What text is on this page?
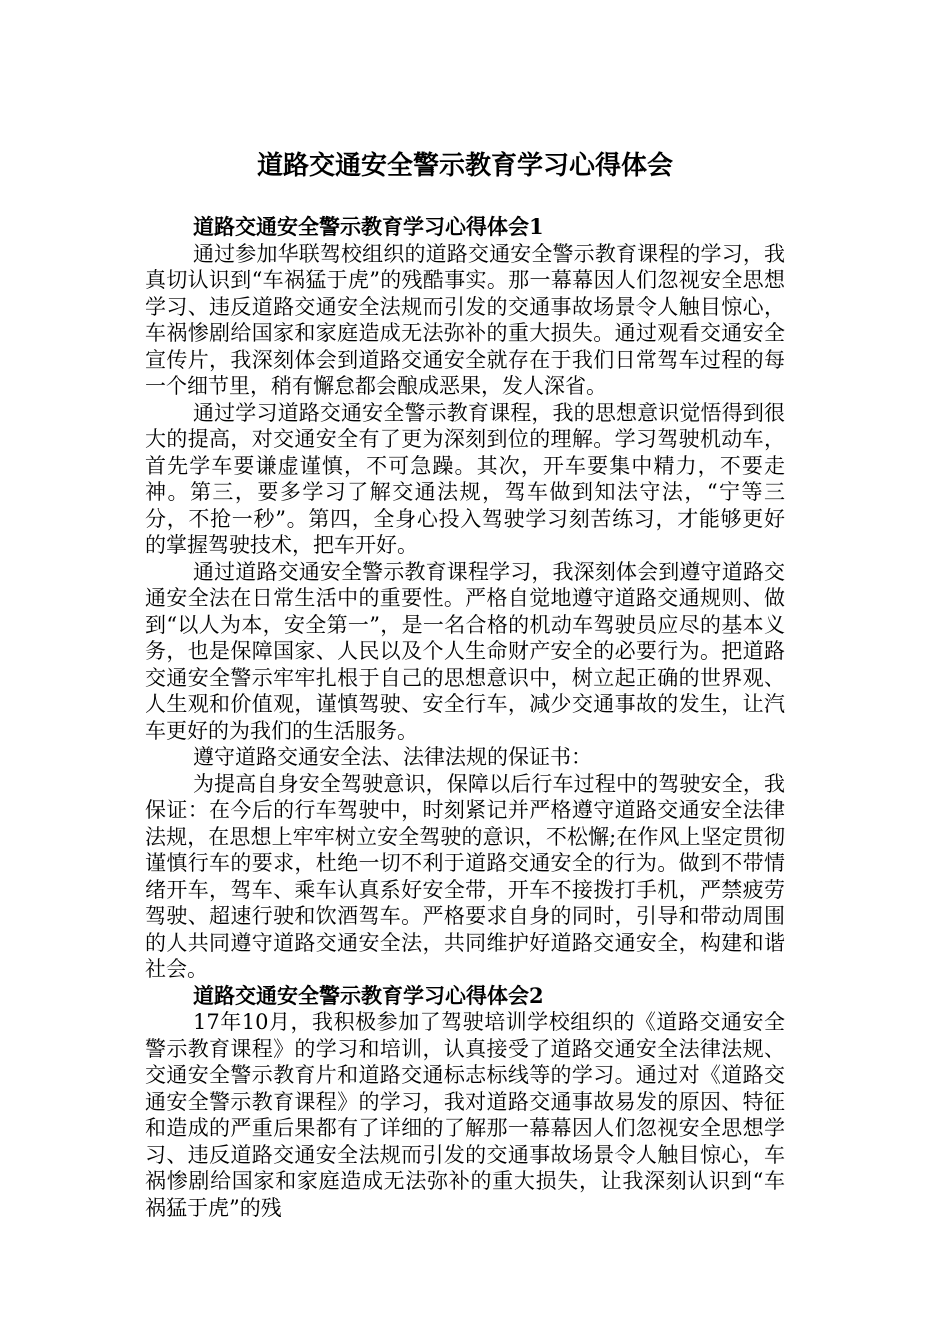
道路交通安全警示教育学习心得体会

道路交通安全警示教育学习心得体会1

通过参加华联驾校组织的道路交通安全警示教育课程的学习，我真切认识到“车祸猛于虎”的残酷事实。那一幕幕因人们忽视安全思想学习、违反道路交通安全法规而引发的交通事故场景令人触目惊心，车祸惨剧给国家和家庭造成无法弥补的重大损失。通过观看交通安全宣传片，我深刻体会到道路交通安全就存在于我们日常驾车过程的每一个细节里，稍有懈怠都会酿成恶果，发人深省。

通过学习道路交通安全警示教育课程，我的思想意识觉悟得到很大的提高，对交通安全有了更为深刻到位的理解。学习驾驶机动车，首先学车要谦虚谨慎，不可急躁。其次，开车要集中精力，不要走神。第三，要多学习了解交通法规，驾车做到知法守法，“宁等三分，不抢一秒”。第四，全身心投入驾驶学习刻苦练习，才能够更好的掌握驾驶技术，把车开好。

通过道路交通安全警示教育课程学习，我深刻体会到遵守道路交通安全法在日常生活中的重要性。严格自觉地遵守道路交通规则、做到“以人为本，安全第一”，是一名合格的机动车驾驶员应尽的基本义务，也是保障国家、人民以及个人生命财产安全的必要行为。把道路交通安全警示牢牢扎根于自己的思想意识中，树立起正确的世界观、人生观和价值观，谨慎驾驶、安全行车，减少交通事故的发生，让汽车更好的为我们的生活服务。

遵守道路交通安全法、法律法规的保证书：

为提高自身安全驾驶意识，保障以后行车过程中的驾驶安全，我保证：在今后的行车驾驶中，时刻紧记并严格遵守道路交通安全法律法规，在思想上牢牢树立安全驾驶的意识，不松懈;在作风上坚定贯彻谨慎行车的要求，杜绝一切不利于道路交通安全的行为。做到不带情绪开车，驾车、乘车认真系好安全带，开车不接拨打手机，严禁疲劳驾驶、超速行驶和饮酒驾车。严格要求自身的同时，引导和带动周围的人共同遵守道路交通安全法，共同维护好道路交通安全，构建和谐社会。

道路交通安全警示教育学习心得体会2

17年10月，我积极参加了驾驶培训学校组织的《道路交通安全警示教育课程》的学习和培训，认真接受了道路交通安全法律法规、交通安全警示教育片和道路交通标志标线等的学习。通过对《道路交通安全警示教育课程》的学习，我对道路交通事故易发的原因、特征和造成的严重后果都有了详细的了解那一幕幕因人们忽视安全思想学习、违反道路交通安全法规而引发的交通事故场景令人触目惊心，车祸惨剧给国家和家庭造成无法弥补的重大损失，让我深刻认识到“车祸猛于虎”的残
